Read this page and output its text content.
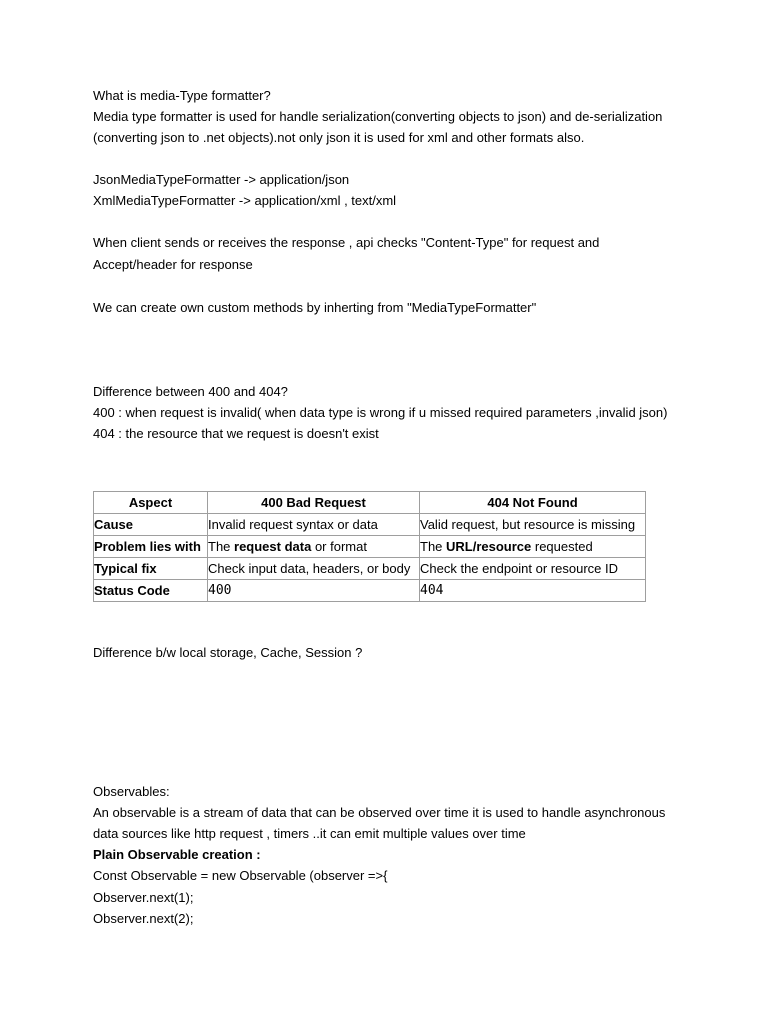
What is media-Type formatter?

Media type formatter is used for handle serialization(converting objects to json) and de-serialization

(converting json to .net objects).not only json it is used for xml and other formats also.

JsonMediaTypeFormatter -> application/json

XmlMediaTypeFormatter -> application/xml , text/xml

When client sends or receives the response , api checks "Content-Type" for request and

Accept/header for response

We can create own custom methods by inherting from "MediaTypeFormatter"

Difference between 400 and 404?

400 : when request is invalid( when data type is wrong if u missed required parameters ,invalid json)

404 : the resource that we request is doesn't exist

Aspect	400 Bad Request	404 Not Found
Cause	Invalid request syntax or data	Valid request, but resource is missing
Problem lies with	The request data or format	The URL/resource requested
Typical fix	Check input data, headers, or body	Check the endpoint or resource ID
Status Code	400	404

Difference b/w local storage, Cache, Session ?

Observables:

An observable is a stream of data that can be observed over time it is used to handle asynchronous

data sources like http request , timers ..it can emit multiple values over time

Plain Observable creation :

Const Observable = new Observable (observer =>{

Observer.next(1);

Observer.next(2);
